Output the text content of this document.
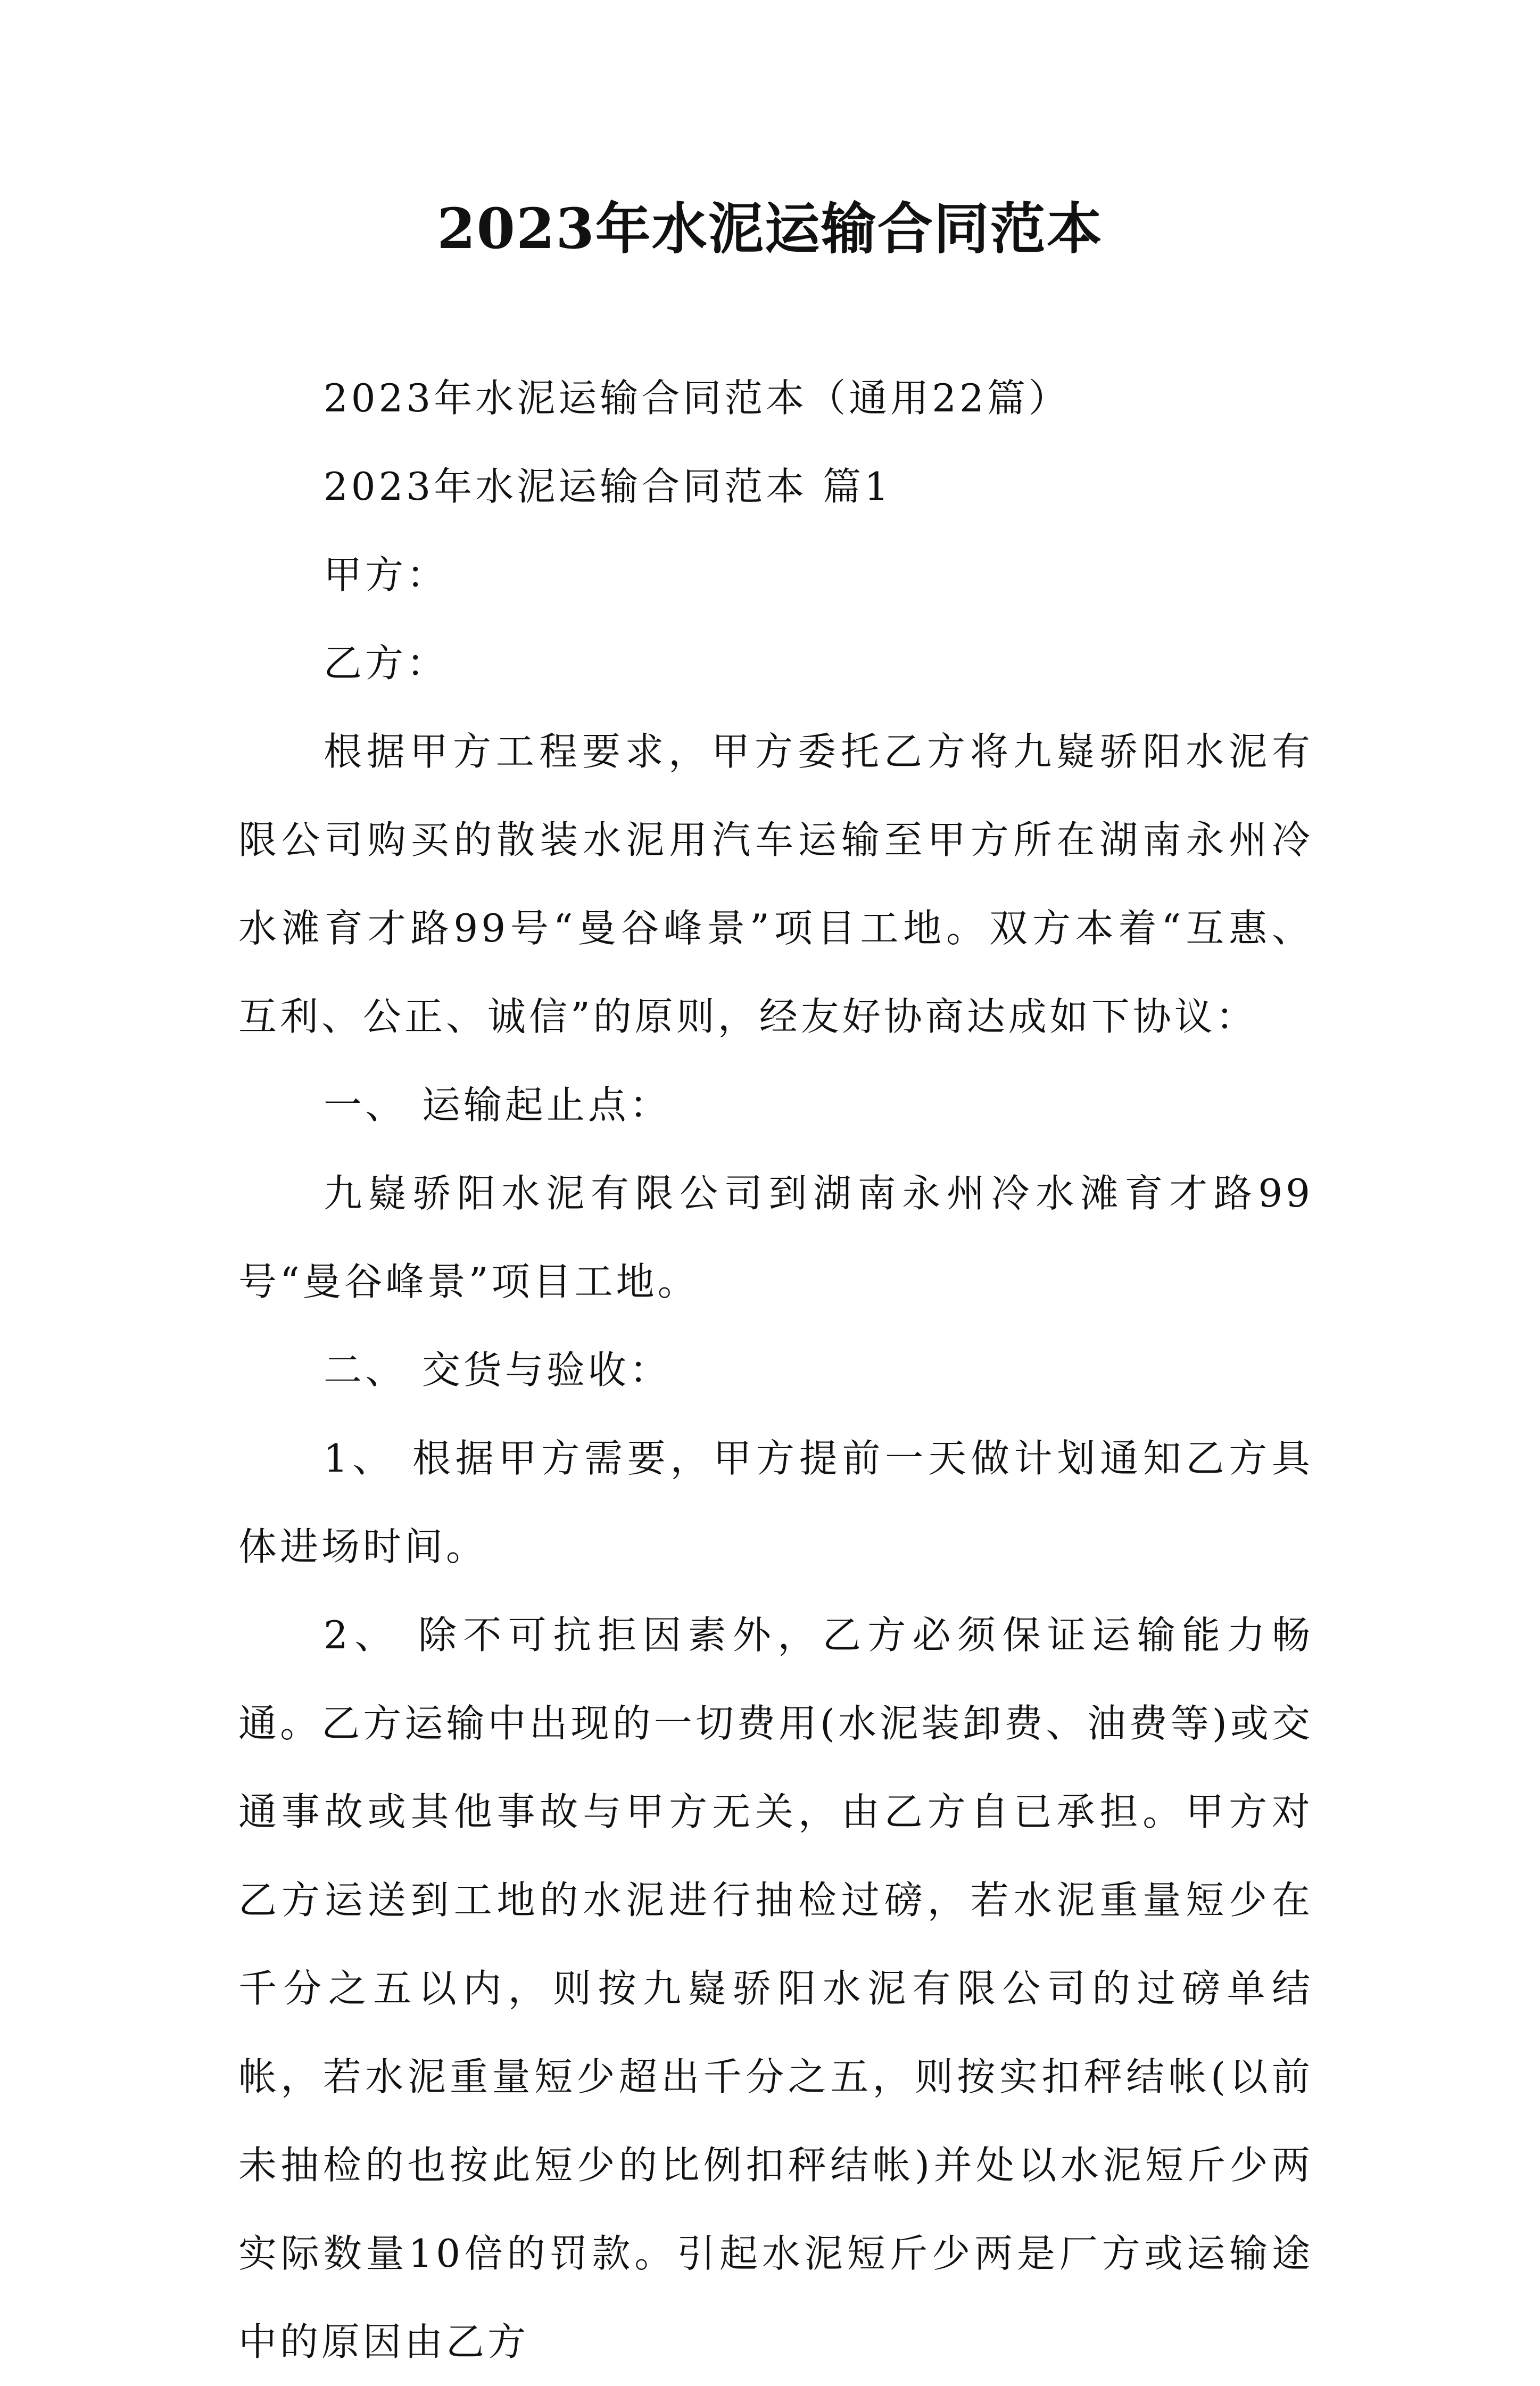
2023年水泥运输合同范本

2023年水泥运输合同范本（通用22篇）

2023年水泥运输合同范本 篇1

甲方：

乙方：

根据甲方工程要求，甲方委托乙方将九嶷骄阳水泥有限公司购买的散装水泥用汽车运输至甲方所在湖南永州冷水滩育才路99号“曼谷峰景”项目工地。双方本着“互惠、互利、公正、诚信”的原则，经友好协商达成如下协议：

一、 运输起止点：

九嶷骄阳水泥有限公司到湖南永州冷水滩育才路99号“曼谷峰景”项目工地。

二、 交货与验收：

1、 根据甲方需要，甲方提前一天做计划通知乙方具体进场时间。

2、 除不可抗拒因素外，乙方必须保证运输能力畅通。乙方运输中出现的一切费用(水泥装卸费、油费等)或交通事故或其他事故与甲方无关，由乙方自已承担。甲方对乙方运送到工地的水泥进行抽检过磅，若水泥重量短少在千分之五以内，则按九嶷骄阳水泥有限公司的过磅单结帐，若水泥重量短少超出千分之五，则按实扣秤结帐(以前未抽检的也按此短少的比例扣秤结帐)并处以水泥短斤少两实际数量10倍的罚款。引起水泥短斤少两是厂方或运输途中的原因由乙方
